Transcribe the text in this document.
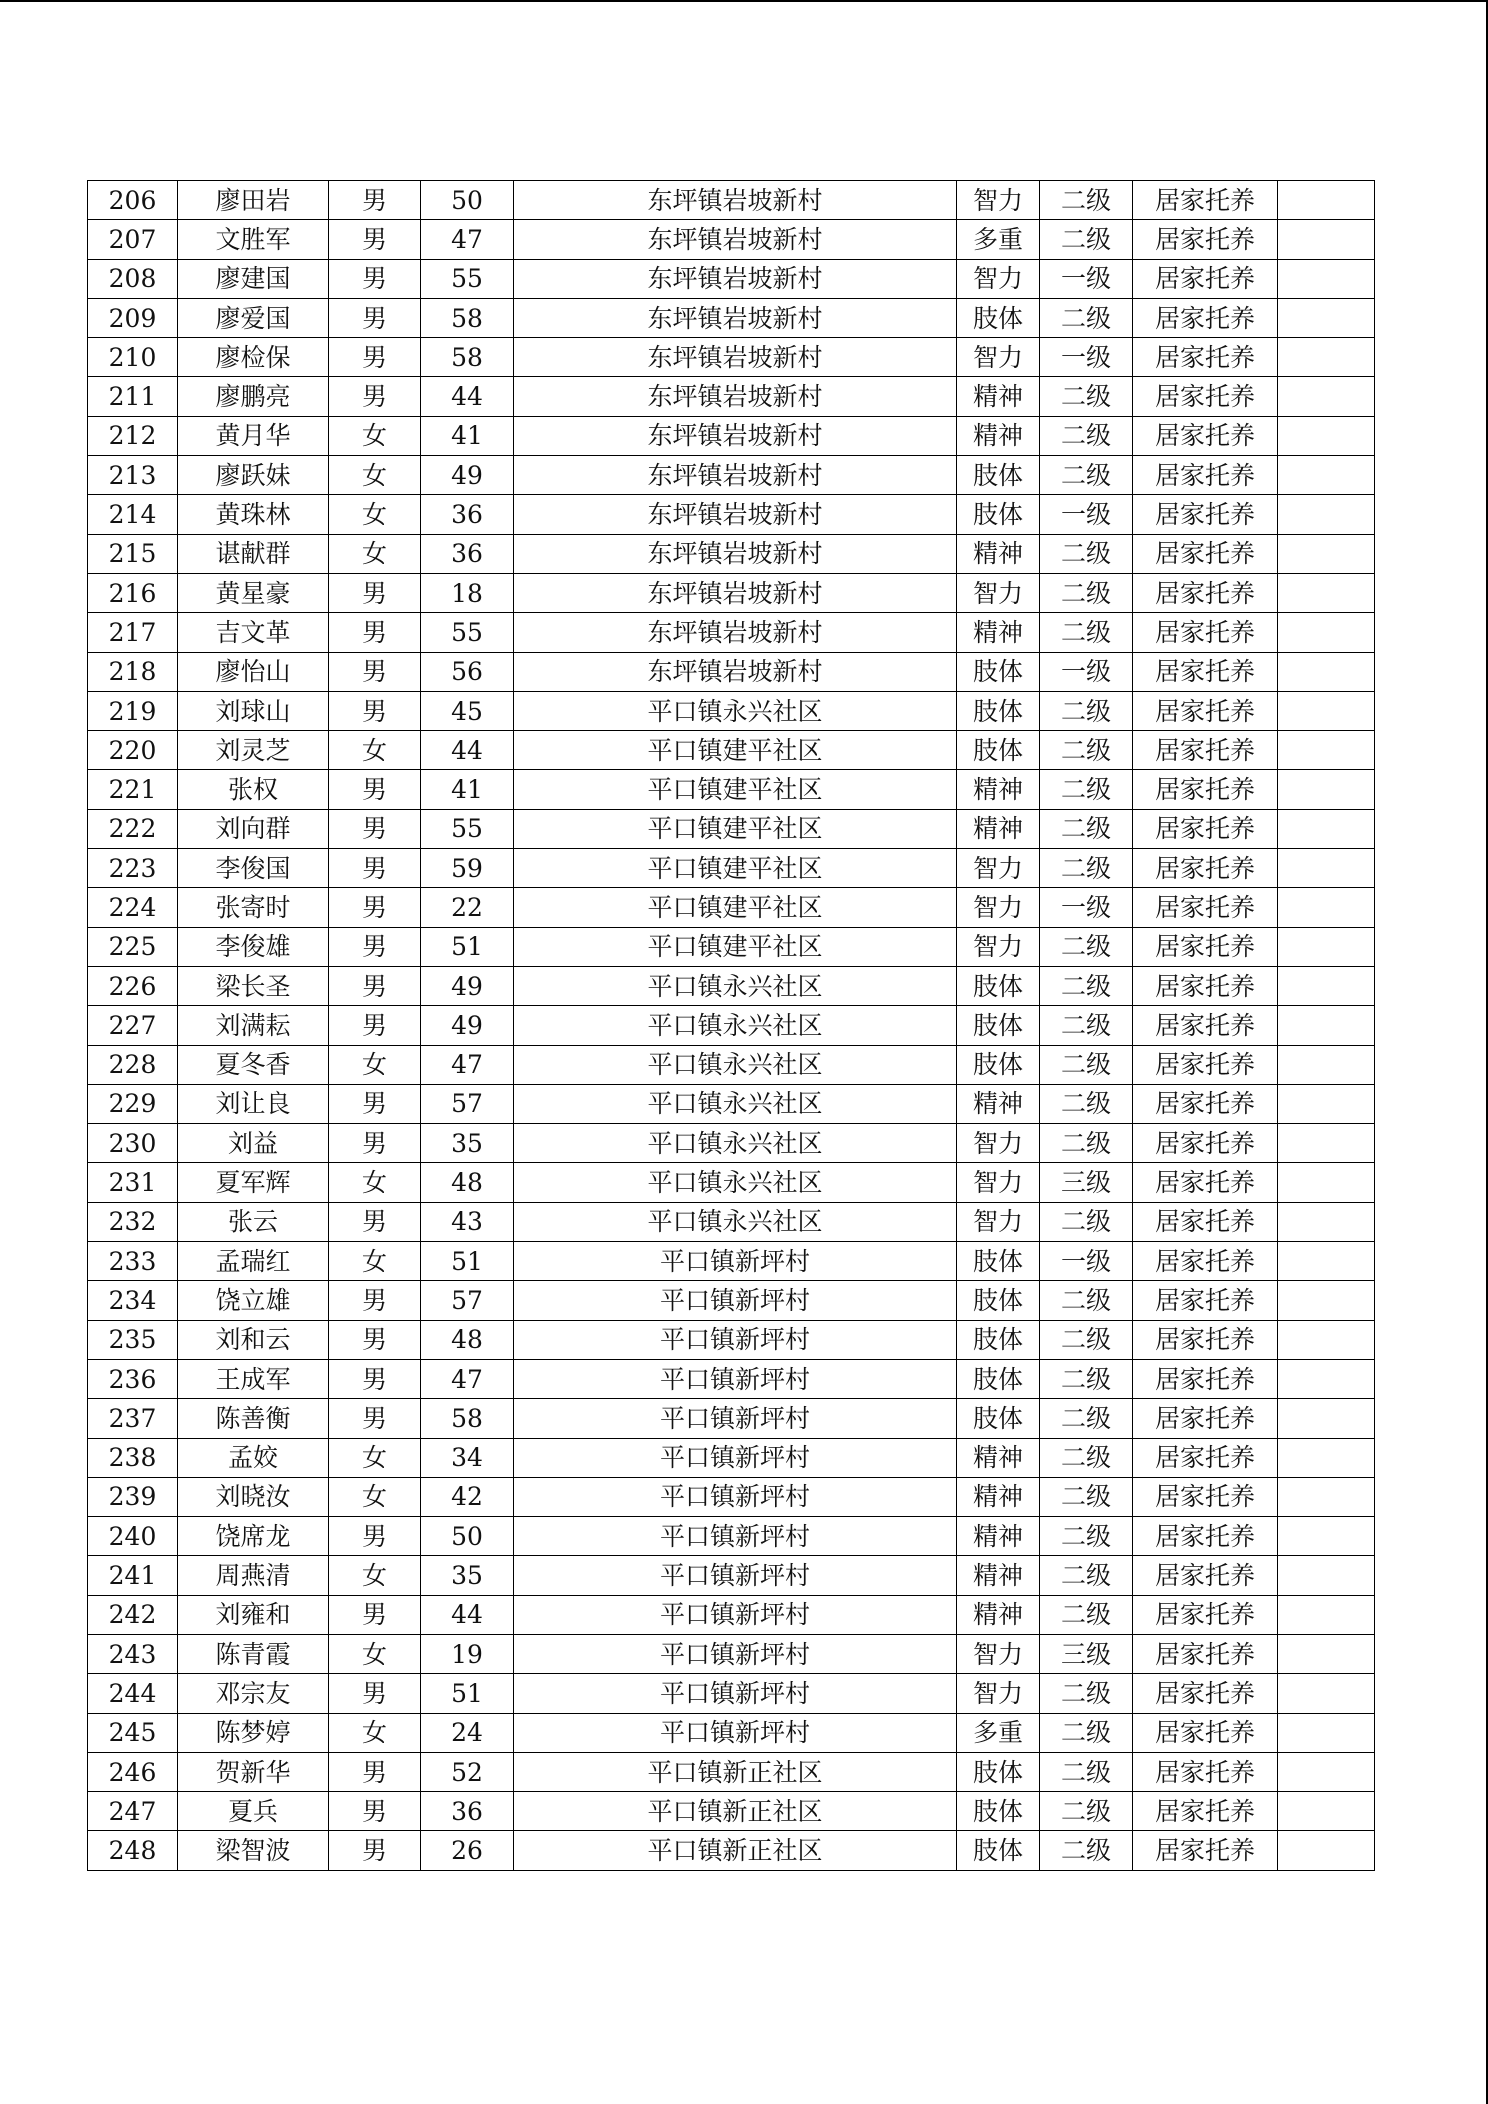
206	廖田岩	男	50	东坪镇岩坡新村	智力	二级	居家托养	
207	文胜军	男	47	东坪镇岩坡新村	多重	二级	居家托养	
208	廖建国	男	55	东坪镇岩坡新村	智力	一级	居家托养	
209	廖爱国	男	58	东坪镇岩坡新村	肢体	二级	居家托养	
210	廖检保	男	58	东坪镇岩坡新村	智力	一级	居家托养	
211	廖鹏亮	男	44	东坪镇岩坡新村	精神	二级	居家托养	
212	黄月华	女	41	东坪镇岩坡新村	精神	二级	居家托养	
213	廖跃妹	女	49	东坪镇岩坡新村	肢体	二级	居家托养	
214	黄珠林	女	36	东坪镇岩坡新村	肢体	一级	居家托养	
215	谌献群	女	36	东坪镇岩坡新村	精神	二级	居家托养	
216	黄星豪	男	18	东坪镇岩坡新村	智力	二级	居家托养	
217	吉文革	男	55	东坪镇岩坡新村	精神	二级	居家托养	
218	廖怡山	男	56	东坪镇岩坡新村	肢体	一级	居家托养	
219	刘球山	男	45	平口镇永兴社区	肢体	二级	居家托养	
220	刘灵芝	女	44	平口镇建平社区	肢体	二级	居家托养	
221	张权	男	41	平口镇建平社区	精神	二级	居家托养	
222	刘向群	男	55	平口镇建平社区	精神	二级	居家托养	
223	李俊国	男	59	平口镇建平社区	智力	二级	居家托养	
224	张寄时	男	22	平口镇建平社区	智力	一级	居家托养	
225	李俊雄	男	51	平口镇建平社区	智力	二级	居家托养	
226	梁长圣	男	49	平口镇永兴社区	肢体	二级	居家托养	
227	刘满耘	男	49	平口镇永兴社区	肢体	二级	居家托养	
228	夏冬香	女	47	平口镇永兴社区	肢体	二级	居家托养	
229	刘让良	男	57	平口镇永兴社区	精神	二级	居家托养	
230	刘益	男	35	平口镇永兴社区	智力	二级	居家托养	
231	夏军辉	女	48	平口镇永兴社区	智力	三级	居家托养	
232	张云	男	43	平口镇永兴社区	智力	二级	居家托养	
233	孟瑞红	女	51	平口镇新坪村	肢体	一级	居家托养	
234	饶立雄	男	57	平口镇新坪村	肢体	二级	居家托养	
235	刘和云	男	48	平口镇新坪村	肢体	二级	居家托养	
236	王成军	男	47	平口镇新坪村	肢体	二级	居家托养	
237	陈善衡	男	58	平口镇新坪村	肢体	二级	居家托养	
238	孟姣	女	34	平口镇新坪村	精神	二级	居家托养	
239	刘晓汝	女	42	平口镇新坪村	精神	二级	居家托养	
240	饶席龙	男	50	平口镇新坪村	精神	二级	居家托养	
241	周燕清	女	35	平口镇新坪村	精神	二级	居家托养	
242	刘雍和	男	44	平口镇新坪村	精神	二级	居家托养	
243	陈青霞	女	19	平口镇新坪村	智力	三级	居家托养	
244	邓宗友	男	51	平口镇新坪村	智力	二级	居家托养	
245	陈梦婷	女	24	平口镇新坪村	多重	二级	居家托养	
246	贺新华	男	52	平口镇新正社区	肢体	二级	居家托养	
247	夏兵	男	36	平口镇新正社区	肢体	二级	居家托养	
248	梁智波	男	26	平口镇新正社区	肢体	二级	居家托养	
